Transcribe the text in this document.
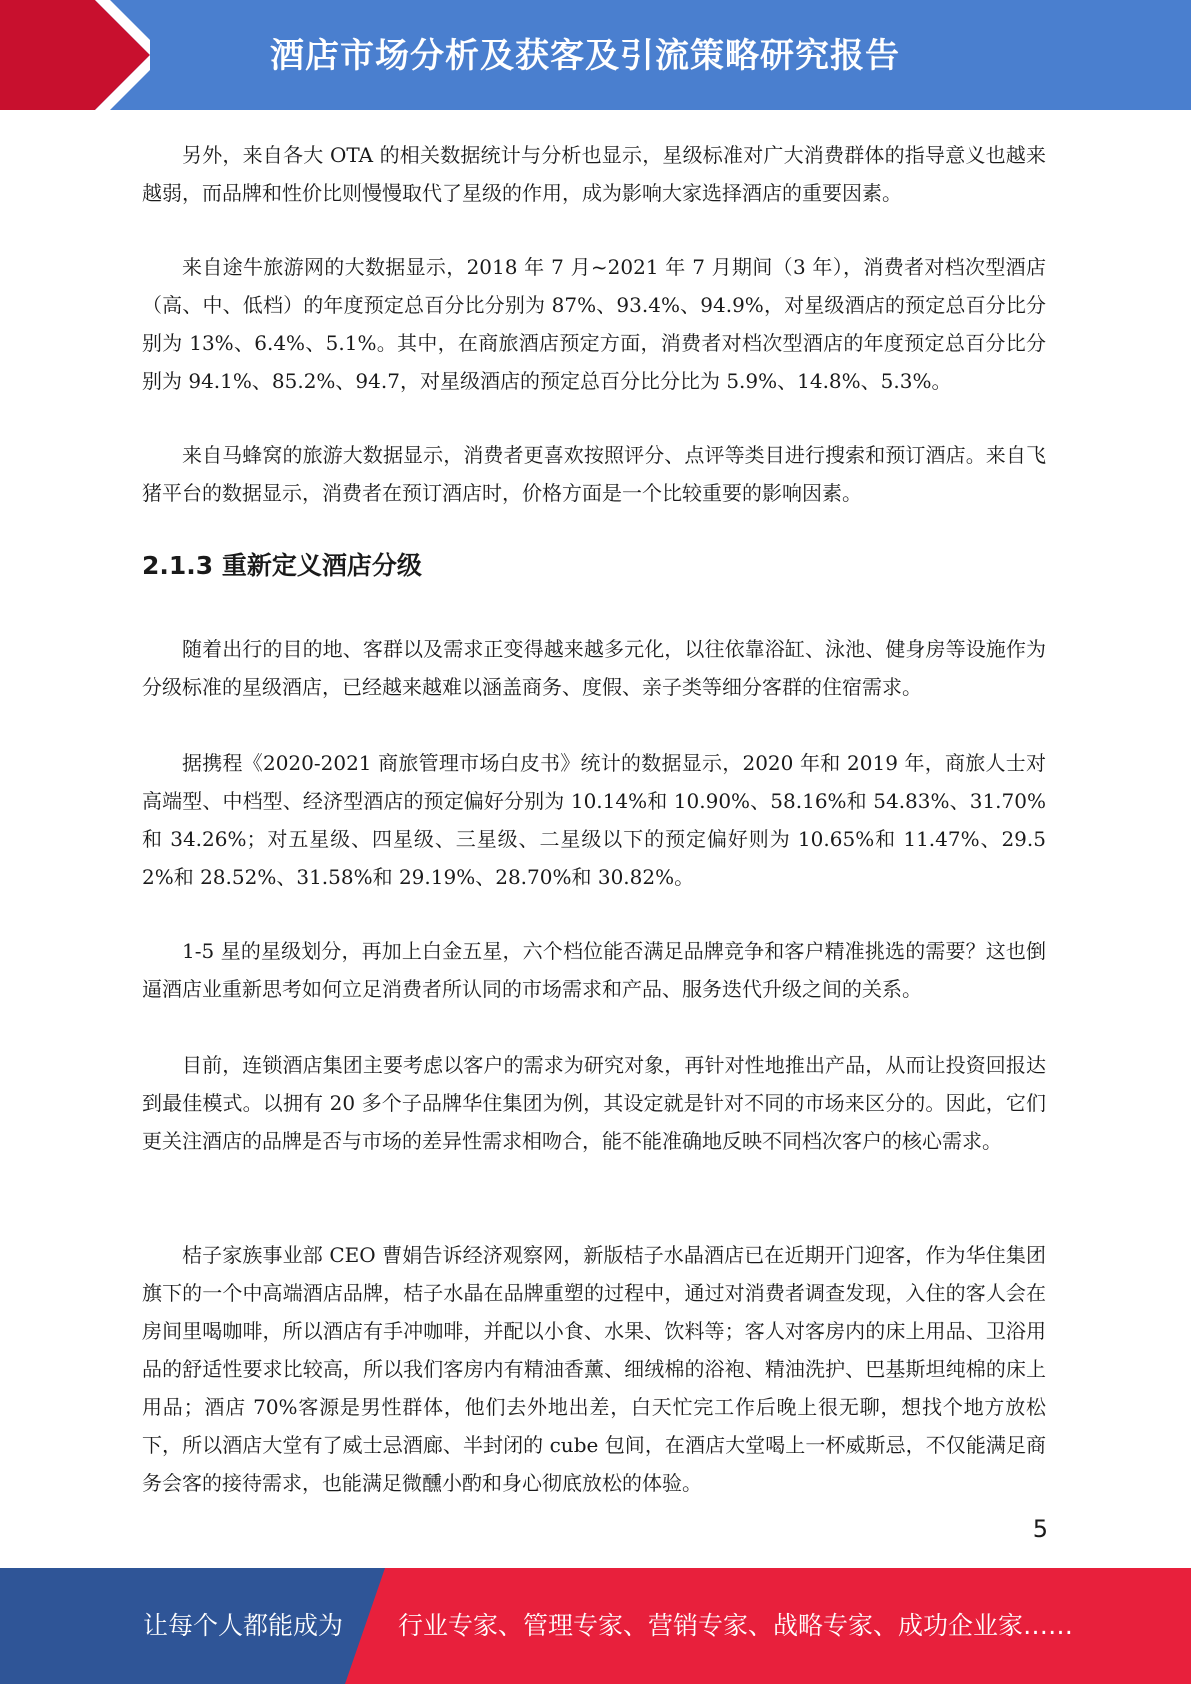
酒店市场分析及获客及引流策略研究报告

另外，来自各大 OTA 的相关数据统计与分析也显示，星级标准对广大消费群体的指导意义也越来越弱，而品牌和性价比则慢慢取代了星级的作用，成为影响大家选择酒店的重要因素。

来自途牛旅游网的大数据显示，2018 年 7 月~2021 年 7 月期间（3 年），消费者对档次型酒店（高、中、低档）的年度预定总百分比分别为 87%、93.4%、94.9%，对星级酒店的预定总百分比分别为 13%、6.4%、5.1%。其中，在商旅酒店预定方面，消费者对档次型酒店的年度预定总百分比分别为 94.1%、85.2%、94.7，对星级酒店的预定总百分比分比为 5.9%、14.8%、5.3%。

来自马蜂窝的旅游大数据显示，消费者更喜欢按照评分、点评等类目进行搜索和预订酒店。来自飞猪平台的数据显示，消费者在预订酒店时，价格方面是一个比较重要的影响因素。

2.1.3 重新定义酒店分级

随着出行的目的地、客群以及需求正变得越来越多元化，以往依靠浴缸、泳池、健身房等设施作为分级标准的星级酒店，已经越来越难以涵盖商务、度假、亲子类等细分客群的住宿需求。

据携程《2020-2021 商旅管理市场白皮书》统计的数据显示，2020 年和 2019 年，商旅人士对高端型、中档型、经济型酒店的预定偏好分别为 10.14%和 10.90%、58.16%和 54.83%、31.70%和 34.26%；对五星级、四星级、三星级、二星级以下的预定偏好则为 10.65%和 11.47%、29.52%和 28.52%、31.58%和 29.19%、28.70%和 30.82%。

1-5 星的星级划分，再加上白金五星，六个档位能否满足品牌竞争和客户精准挑选的需要？这也倒逼酒店业重新思考如何立足消费者所认同的市场需求和产品、服务迭代升级之间的关系。

目前，连锁酒店集团主要考虑以客户的需求为研究对象，再针对性地推出产品，从而让投资回报达到最佳模式。以拥有 20 多个子品牌华住集团为例，其设定就是针对不同的市场来区分的。因此，它们更关注酒店的品牌是否与市场的差异性需求相吻合，能不能准确地反映不同档次客户的核心需求。

桔子家族事业部 CEO 曹娟告诉经济观察网，新版桔子水晶酒店已在近期开门迎客，作为华住集团旗下的一个中高端酒店品牌，桔子水晶在品牌重塑的过程中，通过对消费者调查发现，入住的客人会在房间里喝咖啡，所以酒店有手冲咖啡，并配以小食、水果、饮料等；客人对客房内的床上用品、卫浴用品的舒适性要求比较高，所以我们客房内有精油香薰、细绒棉的浴袍、精油洗护、巴基斯坦纯棉的床上用品；酒店 70%客源是男性群体，他们去外地出差，白天忙完工作后晚上很无聊，想找个地方放松下，所以酒店大堂有了威士忌酒廊、半封闭的 cube 包间，在酒店大堂喝上一杯威斯忌，不仅能满足商务会客的接待需求，也能满足微醺小酌和身心彻底放松的体验。

5
让每个人都能成为 行业专家、管理专家、营销专家、战略专家、成功企业家……
